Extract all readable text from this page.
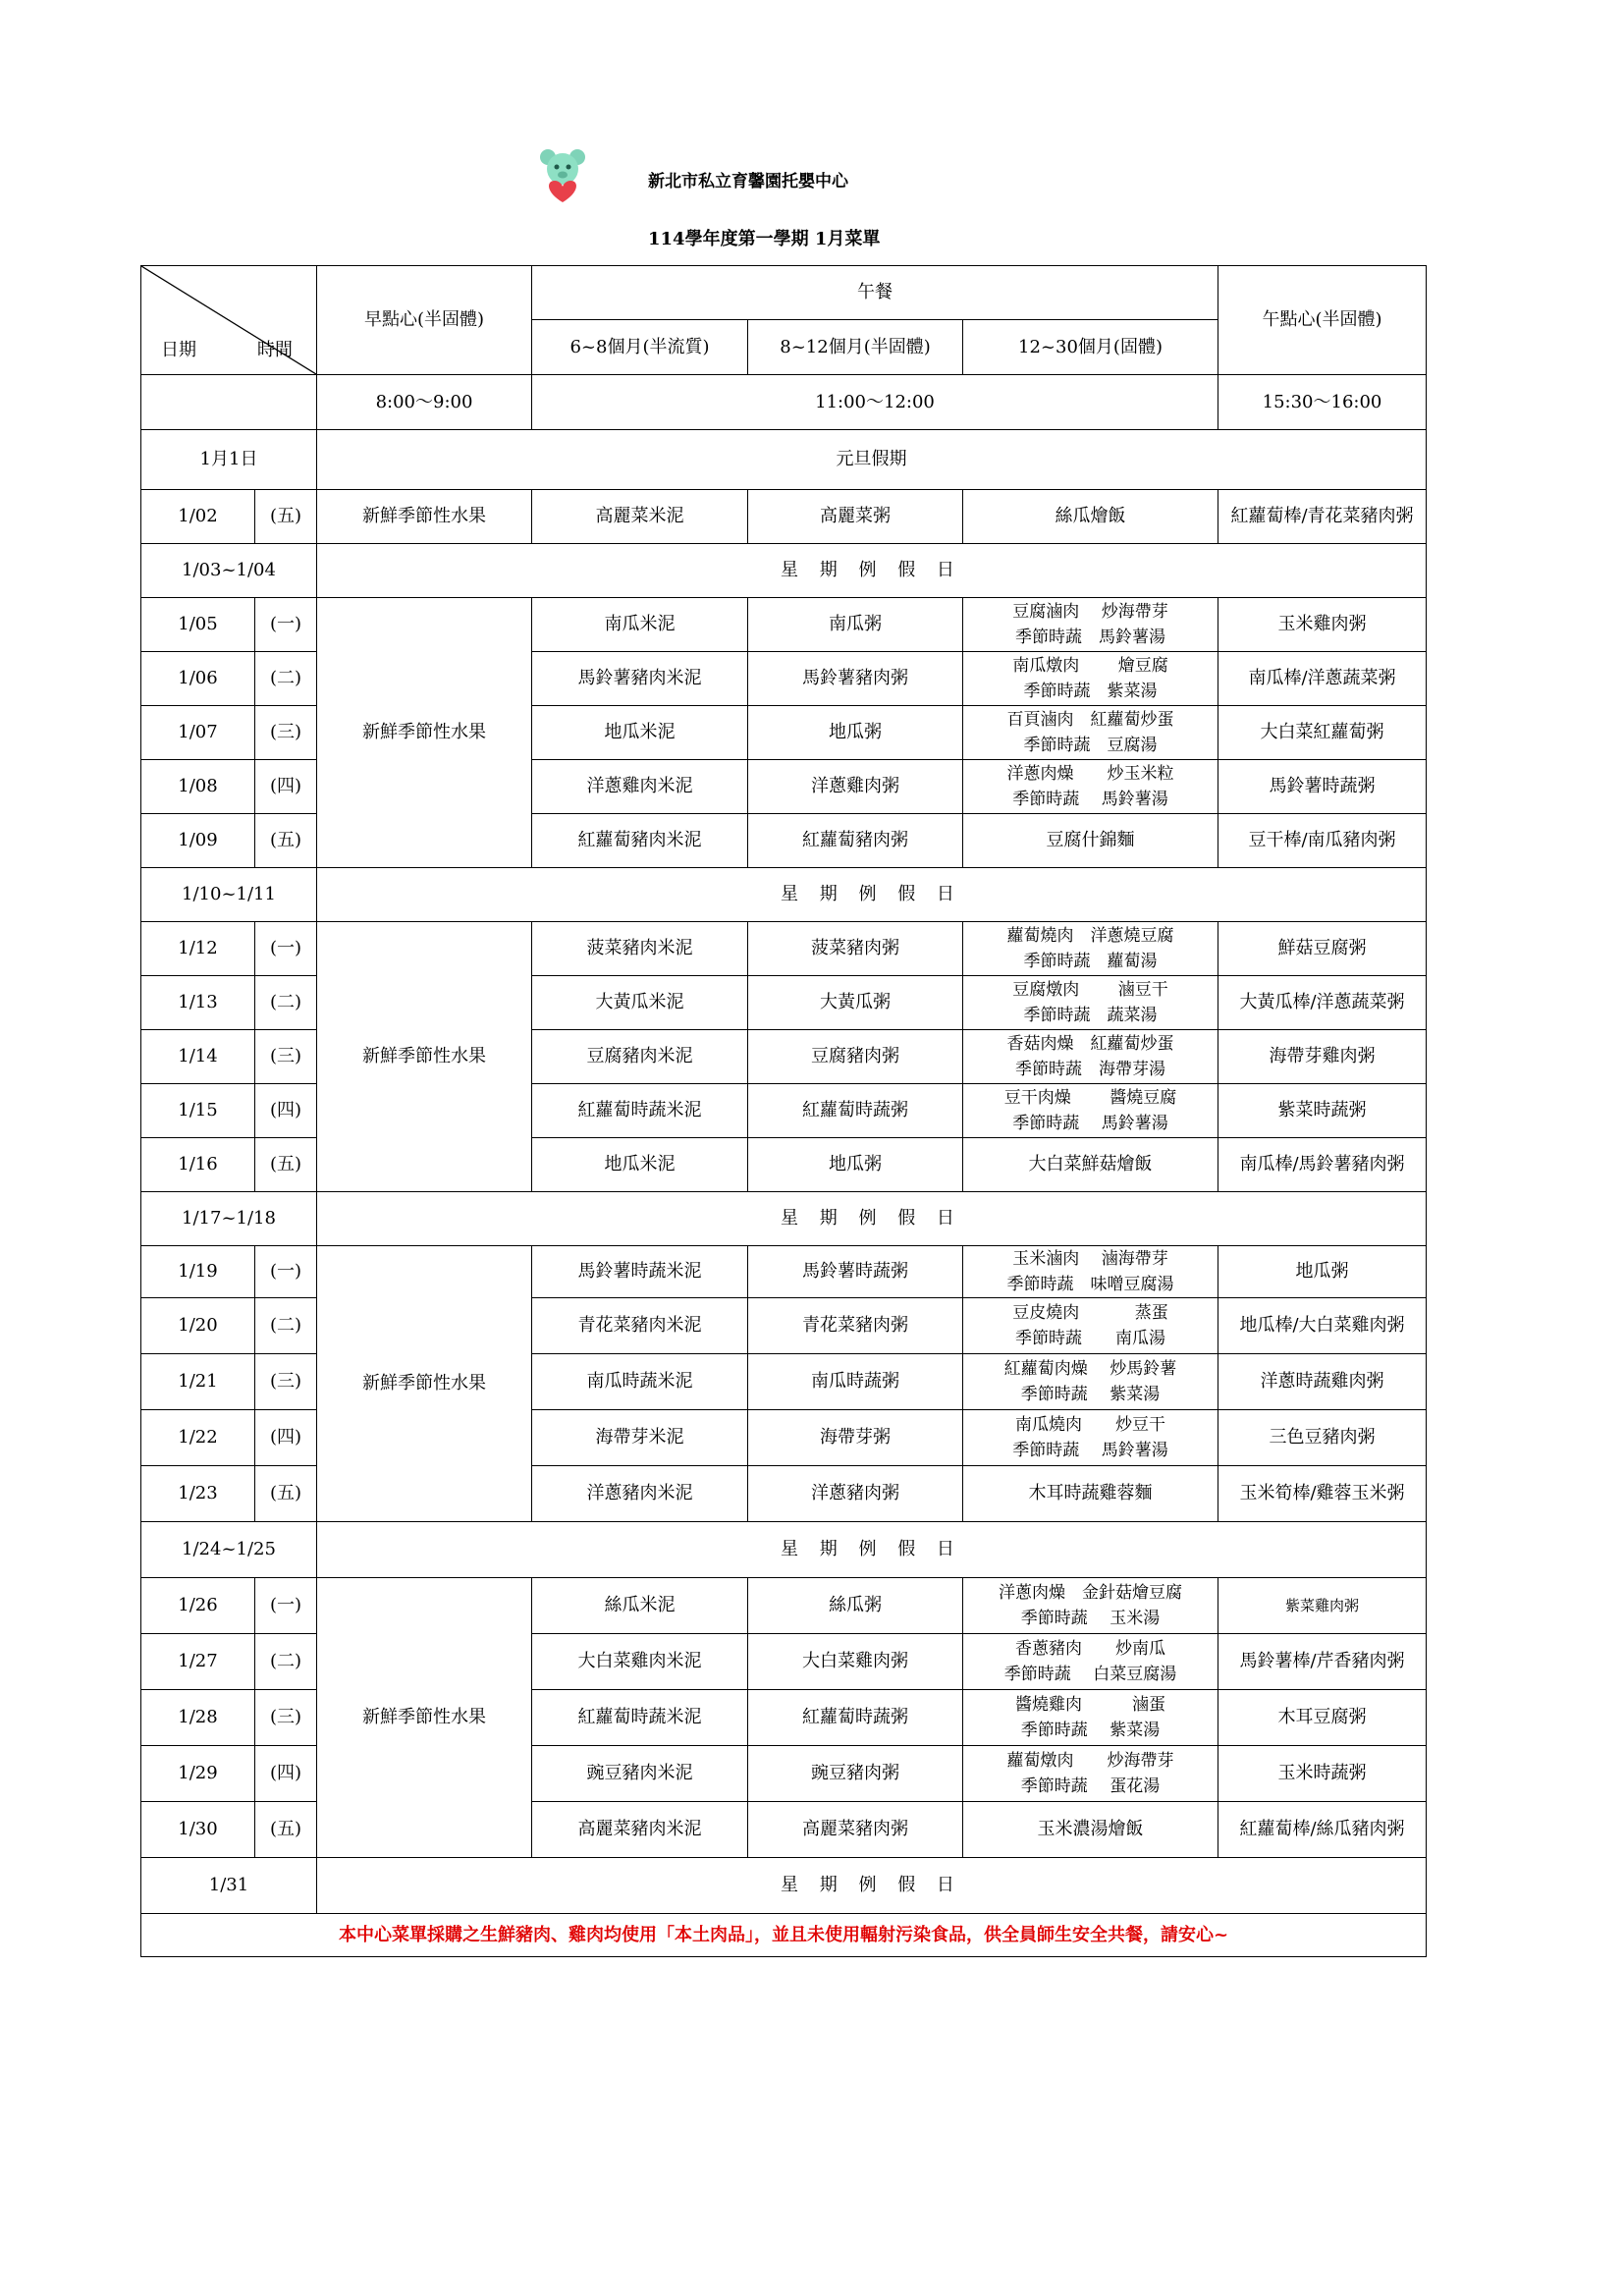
新北市私立育馨園托嬰中心
114學年度第一學期 1月菜單
日期 時間		早點心(半固體)	午餐			午點心(半固體)
			6~8個月(半流質)	8~12個月(半固體)	12~30個月(固體)	
		8:00～9:00	11:00～12:00			15:30～16:00
1月1日		元旦假期				
1/02	(五)	新鮮季節性水果	高麗菜米泥	高麗菜粥	絲瓜燴飯	紅蘿蔔棒/青花菜豬肉粥
1/03~1/04		星 期 例 假 日				
1/05	(一)	新鮮季節性水果	南瓜米泥	南瓜粥	豆腐滷肉　 炒海帶芽
季節時蔬　馬鈴薯湯	玉米雞肉粥
1/06	(二)		馬鈴薯豬肉米泥	馬鈴薯豬肉粥	南瓜燉肉　　 燴豆腐
季節時蔬　紫菜湯	南瓜棒/洋蔥蔬菜粥
1/07	(三)		地瓜米泥	地瓜粥	百頁滷肉　紅蘿蔔炒蛋
季節時蔬　豆腐湯	大白菜紅蘿蔔粥
1/08	(四)		洋蔥雞肉米泥	洋蔥雞肉粥	洋蔥肉燥　　炒玉米粒
季節時蔬　 馬鈴薯湯	馬鈴薯時蔬粥
1/09	(五)		紅蘿蔔豬肉米泥	紅蘿蔔豬肉粥	豆腐什錦麵	豆干棒/南瓜豬肉粥
1/10~1/11		星 期 例 假 日				
1/12	(一)	新鮮季節性水果	菠菜豬肉米泥	菠菜豬肉粥	蘿蔔燒肉　洋蔥燒豆腐
季節時蔬　蘿蔔湯	鮮菇豆腐粥
1/13	(二)		大黃瓜米泥	大黃瓜粥	豆腐燉肉　　 滷豆干
季節時蔬　蔬菜湯	大黃瓜棒/洋蔥蔬菜粥
1/14	(三)		豆腐豬肉米泥	豆腐豬肉粥	香菇肉燥　紅蘿蔔炒蛋
季節時蔬　海帶芽湯	海帶芽雞肉粥
1/15	(四)		紅蘿蔔時蔬米泥	紅蘿蔔時蔬粥	豆干肉燥　　 醬燒豆腐
季節時蔬　 馬鈴薯湯	紫菜時蔬粥
1/16	(五)		地瓜米泥	地瓜粥	大白菜鮮菇燴飯	南瓜棒/馬鈴薯豬肉粥
1/17~1/18		星 期 例 假 日				
1/19	(一)	新鮮季節性水果	馬鈴薯時蔬米泥	馬鈴薯時蔬粥	玉米滷肉　 滷海帶芽
季節時蔬　味噌豆腐湯	地瓜粥
1/20	(二)		青花菜豬肉米泥	青花菜豬肉粥	豆皮燒肉　　　 蒸蛋
季節時蔬　　南瓜湯	地瓜棒/大白菜雞肉粥
1/21	(三)		南瓜時蔬米泥	南瓜時蔬粥	紅蘿蔔肉燥　 炒馬鈴薯
季節時蔬　 紫菜湯	洋蔥時蔬雞肉粥
1/22	(四)		海帶芽米泥	海帶芽粥	南瓜燒肉　　炒豆干
季節時蔬　 馬鈴薯湯	三色豆豬肉粥
1/23	(五)		洋蔥豬肉米泥	洋蔥豬肉粥	木耳時蔬雞蓉麵	玉米筍棒/雞蓉玉米粥
1/24~1/25		星 期 例 假 日				
1/26	(一)	新鮮季節性水果	絲瓜米泥	絲瓜粥	洋蔥肉燥　金針菇燴豆腐
季節時蔬　 玉米湯	紫菜雞肉粥
1/27	(二)		大白菜雞肉米泥	大白菜雞肉粥	香蔥豬肉　　炒南瓜
季節時蔬　 白菜豆腐湯	馬鈴薯棒/芹香豬肉粥
1/28	(三)		紅蘿蔔時蔬米泥	紅蘿蔔時蔬粥	醬燒雞肉　　　滷蛋
季節時蔬　 紫菜湯	木耳豆腐粥
1/29	(四)		豌豆豬肉米泥	豌豆豬肉粥	蘿蔔燉肉　　炒海帶芽
季節時蔬　 蛋花湯	玉米時蔬粥
1/30	(五)		高麗菜豬肉米泥	高麗菜豬肉粥	玉米濃湯燴飯	紅蘿蔔棒/絲瓜豬肉粥
1/31		星 期 例 假 日				
本中心菜單採購之生鮮豬肉、雞肉均使用「本土肉品」，並且未使用輻射污染食品，供全員師生安全共餐，請安心~						
